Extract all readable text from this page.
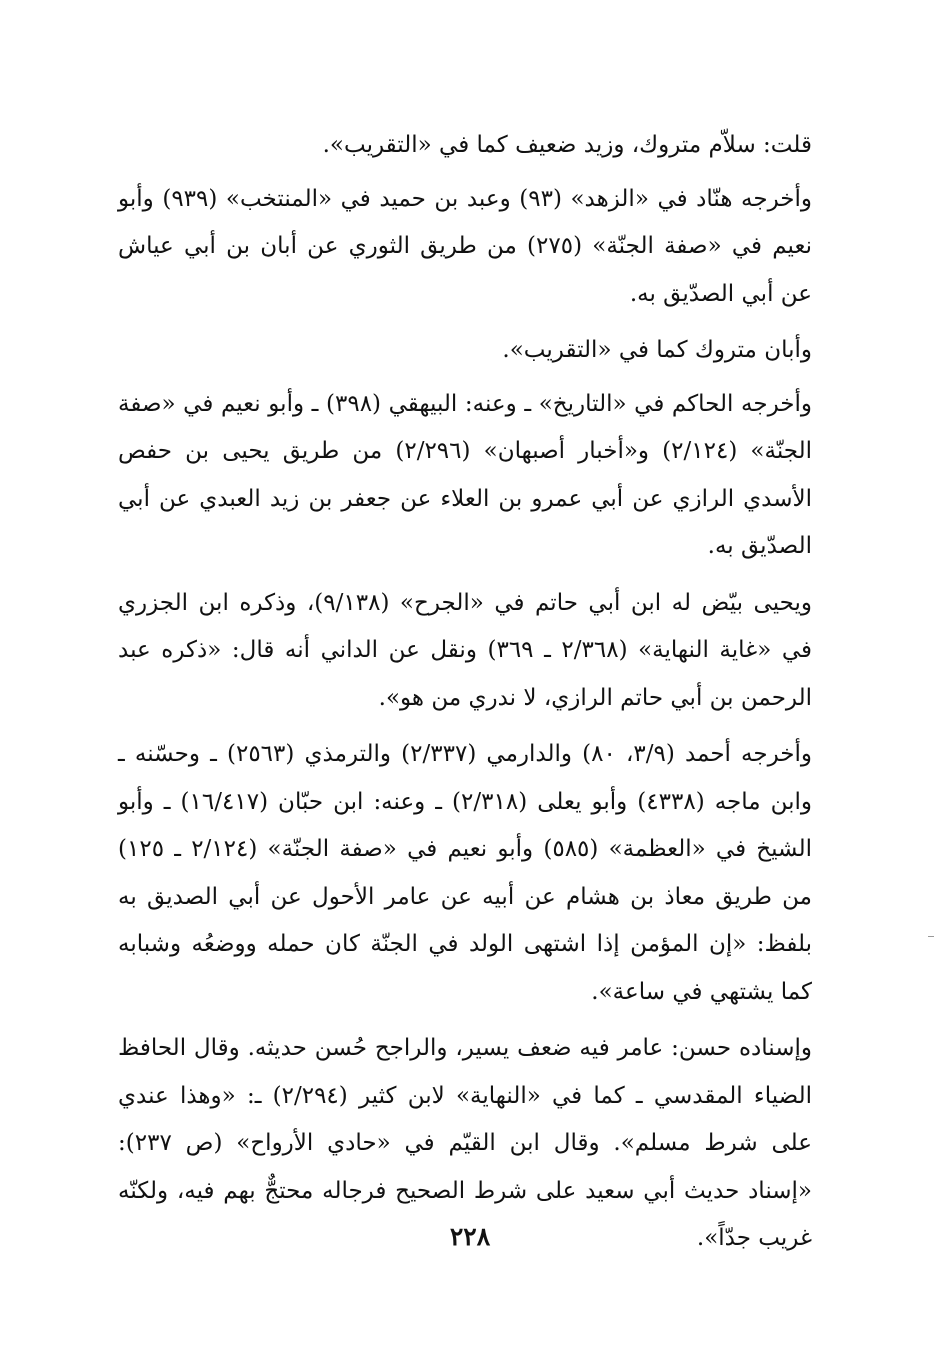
قلت: سلاّم متروك، وزيد ضعيف كما في «التقريب».

وأخرجه هنّاد في «الزهد» (٩٣) وعبد بن حميد في «المنتخب» (٩٣٩) وأبو نعيم في «صفة الجنّة» (٢٧٥) من طريق الثوري عن أبان بن أبي عياش عن أبي الصدّيق به.

وأبان متروك كما في «التقريب».

وأخرجه الحاكم في «التاريخ» ـ وعنه: البيهقي (٣٩٨) ـ وأبو نعيم في «صفة الجنّة» (٢/١٢٤) و«أخبار أصبهان» (٢/٢٩٦) من طريق يحيى بن حفص الأسدي الرازي عن أبي عمرو بن العلاء عن جعفر بن زيد العبدي عن أبي الصدّيق به.

ويحيى بيّض له ابن أبي حاتم في «الجرح» (٩/١٣٨)، وذكره ابن الجزري في «غاية النهاية» (٢/٣٦٨ ـ ٣٦٩) ونقل عن الداني أنه قال: «ذكره عبد الرحمن بن أبي حاتم الرازي، لا ندري من هو».

وأخرجه أحمد (٣/٩، ٨٠) والدارمي (٢/٣٣٧) والترمذي (٢٥٦٣) ـ وحسّنه ـ وابن ماجه (٤٣٣٨) وأبو يعلى (٢/٣١٨) ـ وعنه: ابن حبّان (١٦/٤١٧) ـ وأبو الشيخ في «العظمة» (٥٨٥) وأبو نعيم في «صفة الجنّة» (٢/١٢٤ ـ ١٢٥) من طريق معاذ بن هشام عن أبيه عن عامر الأحول عن أبي الصديق به بلفظ: «إن المؤمن إذا اشتهى الولد في الجنّة كان حمله ووضعُه وشبابه كما يشتهي في ساعة».

وإسناده حسن: عامر فيه ضعف يسير، والراجح حُسن حديثه. وقال الحافظ الضياء المقدسي ـ كما في «النهاية» لابن كثير (٢/٢٩٤) ـ: «وهذا عندي على شرط مسلم». وقال ابن القيّم في «حادي الأرواح» (ص ٢٣٧): «إسناد حديث أبي سعيد على شرط الصحيح فرجاله محتجٌّ بهم فيه، ولكنّه غريب جدّاً».

٢٢٨
